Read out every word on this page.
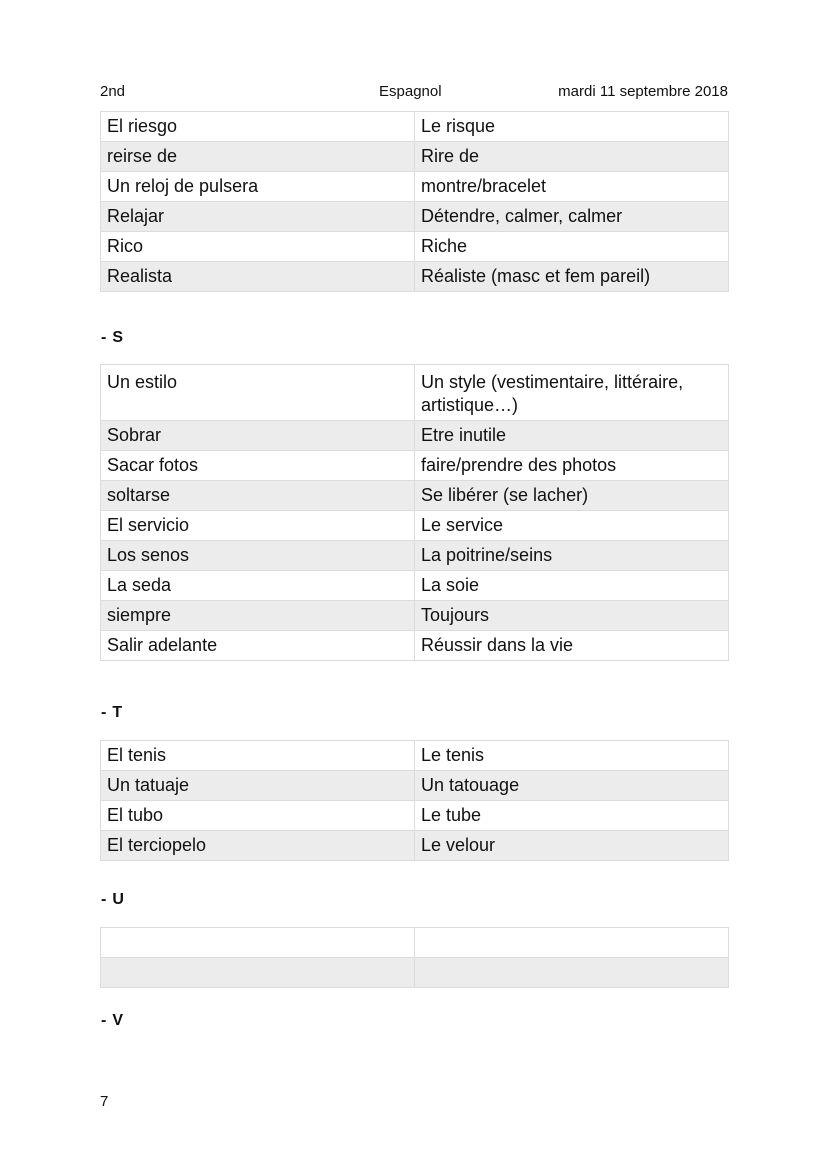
2nd	Espagnol	mardi 11 septembre 2018
El riesgo	Le risque
reirse de	Rire de
Un reloj de pulsera	montre/bracelet
Relajar	Détendre, calmer, calmer
Rico	Riche
Realista	Réaliste (masc et fem pareil)
- S
Un estilo	Un style (vestimentaire, littéraire, artistique…)
Sobrar	Etre inutile
Sacar fotos	faire/prendre des photos
soltarse	Se libérer (se lacher)
El servicio	Le service
Los senos	La poitrine/seins
La seda	La soie
siempre	Toujours
Salir adelante	Réussir dans la vie
- T
El tenis	Le tenis
Un tatuaje	Un tatouage
El tubo	Le tube
El terciopelo	Le velour
- U

- V
7
